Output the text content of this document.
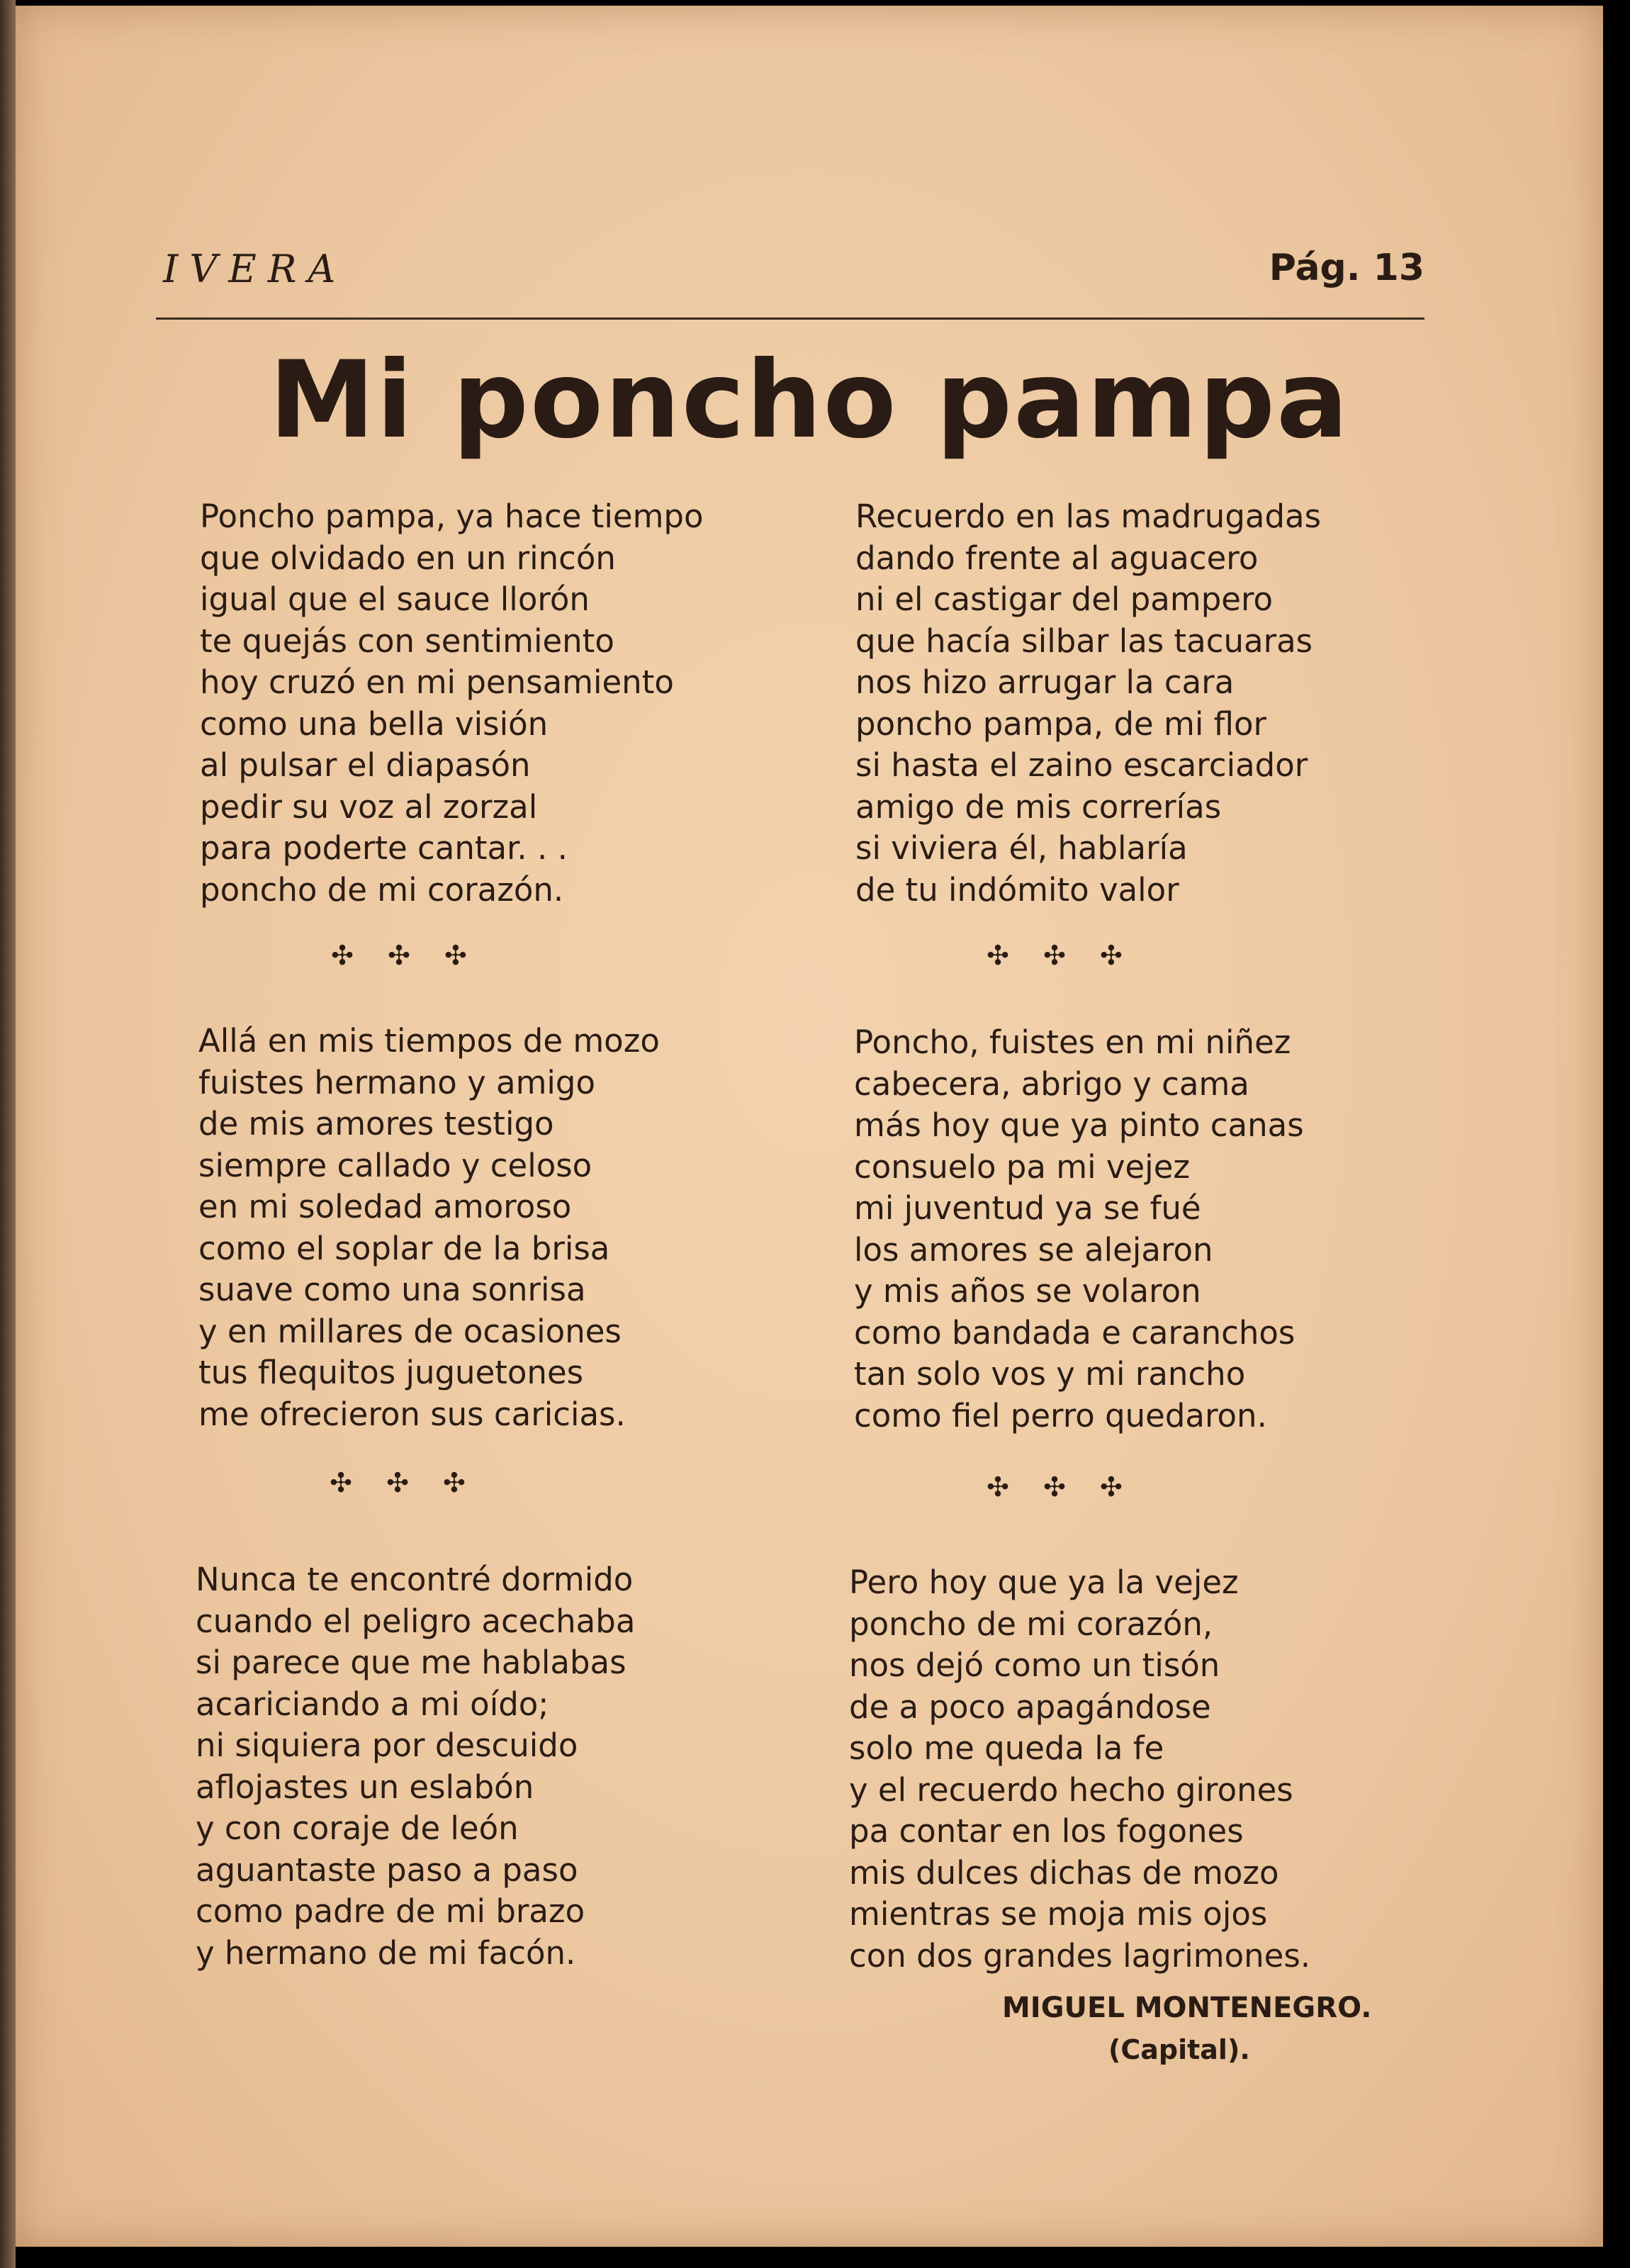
IVERA	Pág. 13
Mi poncho pampa
Poncho pampa, ya hace tiempo
que olvidado en un rincón
igual que el sauce llorón
te quejás con sentimiento
hoy cruzó en mi pensamiento
como una bella visión
al pulsar el diapasón
pedir su voz al zorzal
para poderte cantar. . .
poncho de mi corazón.
Recuerdo en las madrugadas
dando frente al aguacero
ni el castigar del pampero
que hacía silbar las tacuaras
nos hizo arrugar la cara
poncho pampa, de mi flor
si hasta el zaino escarciador
amigo de mis correrías
si viviera él, hablaría
de tu indómito valor
✣ ✣ ✣	✣ ✣ ✣
Allá en mis tiempos de mozo
fuistes hermano y amigo
de mis amores testigo
siempre callado y celoso
en mi soledad amoroso
como el soplar de la brisa
suave como una sonrisa
y en millares de ocasiones
tus flequitos juguetones
me ofrecieron sus caricias.
Poncho, fuistes en mi niñez
cabecera, abrigo y cama
más hoy que ya pinto canas
consuelo pa mi vejez
mi juventud ya se fué
los amores se alejaron
y mis años se volaron
como bandada e caranchos
tan solo vos y mi rancho
como fiel perro quedaron.
✣ ✣ ✣	✣ ✣ ✣
Nunca te encontré dormido
cuando el peligro acechaba
si parece que me hablabas
acariciando a mi oído;
ni siquiera por descuido
aflojastes un eslabón
y con coraje de león
aguantaste paso a paso
como padre de mi brazo
y hermano de mi facón.
Pero hoy que ya la vejez
poncho de mi corazón,
nos dejó como un tisón
de a poco apagándose
solo me queda la fe
y el recuerdo hecho girones
pa contar en los fogones
mis dulces dichas de mozo
mientras se moja mis ojos
con dos grandes lagrimones.
MIGUEL MONTENEGRO.
(Capital).
